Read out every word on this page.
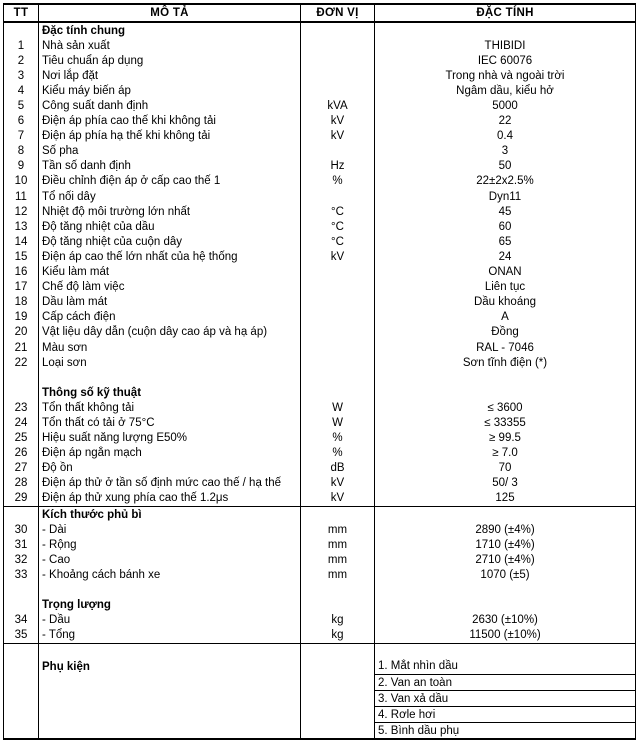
TT	MÔ TẢ	ĐƠN VỊ	ĐẶC TÍNH
	Đặc tính chung		
1	Nhà sản xuất		THIBIDI
2	Tiêu chuẩn áp dụng		IEC 60076
3	Nơi lắp đặt		Trong nhà và ngoài trời
4	Kiểu máy biến áp		Ngâm dầu, kiểu hở
5	Công suất danh định	kVA	5000
6	Điện áp phía cao thế khi không tải	kV	22
7	Điện áp phía hạ thế khi không tải	kV	0.4
8	Số pha		3
9	Tần số danh định	Hz	50
10	Điều chỉnh điện áp ở cấp cao thế 1	%	22±2x2.5%
11	Tổ nối dây		Dyn11
12	Nhiệt độ môi trường lớn nhất	°C	45
13	Độ tăng nhiệt của dầu	°C	60
14	Độ tăng nhiệt của cuộn dây	°C	65
15	Điện áp cao thế lớn nhất của hệ thống	kV	24
16	Kiểu làm mát		ONAN
17	Chế độ làm việc		Liên tục
18	Dầu làm mát		Dầu khoáng
19	Cấp cách điện		A
20	Vật liệu dây dẫn (cuộn dây cao áp và hạ áp)		Đồng
21	Màu sơn		RAL - 7046
22	Loại sơn		Sơn tĩnh điện (*)

	Thông số kỹ thuật		
23	Tổn thất không tải	W	≤ 3600
24	Tổn thất có tải ở 75°C	W	≤ 33355
25	Hiệu suất năng lượng E50%	%	≥ 99.5
26	Điện áp ngắn mạch	%	≥ 7.0
27	Độ ồn	dB	70
28	Điện áp thử ở tần số định mức cao thế / hạ thế	kV	50/ 3
29	Điện áp thử xung phía cao thế 1.2μs	kV	125
	Kích thước phủ bì		
30	- Dài	mm	2890 (±4%)
31	- Rộng	mm	1710 (±4%)
32	- Cao	mm	2710 (±4%)
33	- Khoảng cách bánh xe	mm	1070 (±5)

	Trọng lượng		
34	- Dầu	kg	2630 (±10%)
35	- Tổng	kg	11500 (±10%)

	Phụ kiện		1. Mắt nhìn dầu
			2. Van an toàn
			3. Van xả dầu
			4. Rơle hơi
			5. Bình dầu phụ
